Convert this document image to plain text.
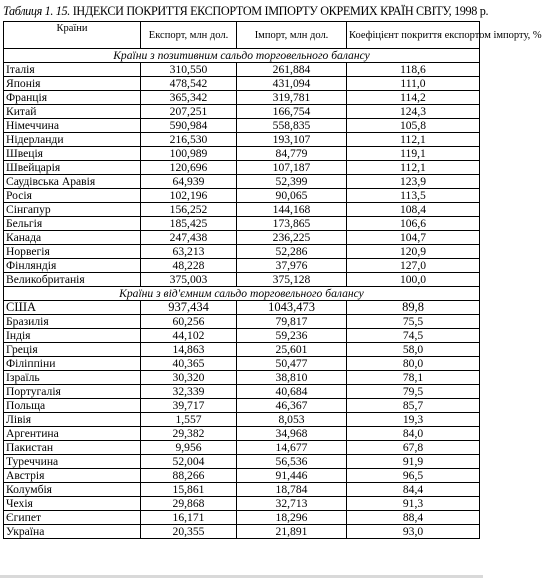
Таблиця 1. 15. ІНДЕКСИ ПОКРИТТЯ ЕКСПОРТОМ ІМПОРТУ ОКРЕМИХ КРАЇН СВІТУ, 1998 р.
Країни	Експорт, млн дол.	Імпорт, млн дол.	Коефіцієнт покриття експортом імпорту, %
Країни з позитивним сальдо торговельного балансу			
Італія	310,550	261,884	118,6
Японія	478,542	431,094	111,0
Франція	365,342	319,781	114,2
Китай	207,251	166,754	124,3
Німеччина	590,984	558,835	105,8
Нідерланди	216,530	193,107	112,1
Швеція	100,989	84,779	119,1
Швейцарія	120,696	107,187	112,1
Саудівська Аравія	64,939	52,399	123,9
Росія	102,196	90,065	113,5
Сінгапур	156,252	144,168	108,4
Бельгія	185,425	173,865	106,6
Канада	247,438	236,225	104,7
Норвегія	63,213	52,286	120,9
Фінляндія	48,228	37,976	127,0
Великобританія	375,003	375,128	100,0
Країни з від'ємним сальдо торговельного балансу			
США	937,434	1043,473	89,8
Бразилія	60,256	79,817	75,5
Індія	44,102	59,236	74,5
Греція	14,863	25,601	58,0
Філіппіни	40,365	50,477	80,0
Ізраїль	30,320	38,810	78,1
Португалія	32,339	40,684	79,5
Польща	39,717	46,367	85,7
Лівія	1,557	8,053	19,3
Аргентина	29,382	34,968	84,0
Пакистан	9,956	14,677	67,8
Туреччина	52,004	56,536	91,9
Австрія	88,266	91,446	96,5
Колумбія	15,861	18,784	84,4
Чехія	29,868	32,713	91,3
Єгипет	16,171	18,296	88,4
Україна	20,355	21,891	93,0
